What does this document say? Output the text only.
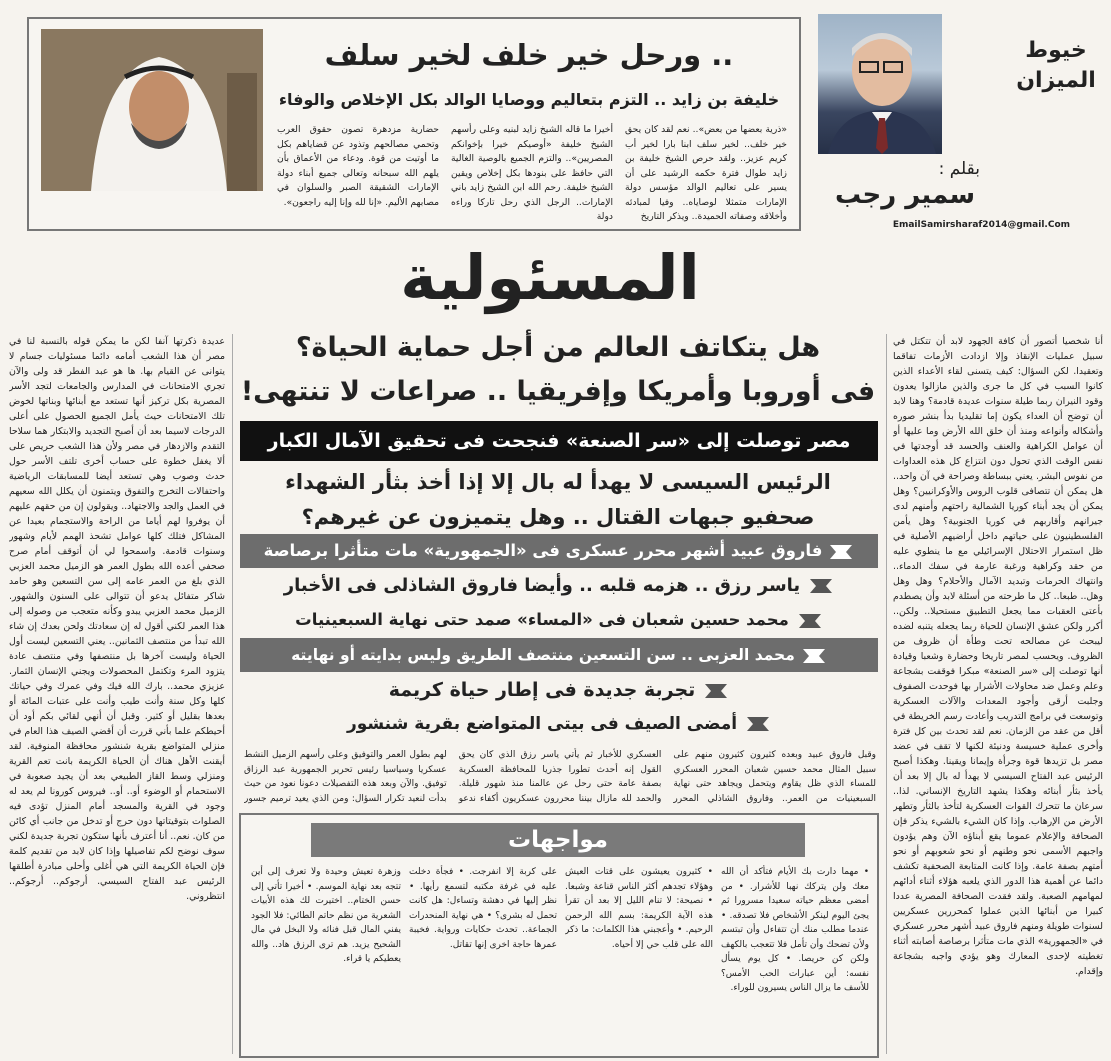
خيوط
الميزان
بقلم :
سمير رجب
EmailSamirsharaf2014@gmail.Com
.. ورحل خير خلف لخير سلف
خليفة بن زايد .. التزم بتعاليم ووصايا الوالد بكل الإخلاص والوفاء
«ذرية بعضها من بعض».. نعم لقد كان يحق خير خلف.. لخير سلف ابنا بارا لخير أب كريم عزيز.. ولقد حرص الشيخ خليفة بن زايد طوال فترة حكمه الرشيد على أن يسير على تعاليم الوالد مؤسس دولة الإمارات متمثلا لوصاياه.. وفيا لمبادئه وأخلاقه وصفاته الحميدة.. ويذكر التاريخ
أخيرا ما قاله الشيخ زايد لبنيه وعلى رأسهم الشيخ خليفة «أوصيكم خيرا بإخوانكم المصريين».. والتزم الجميع بالوصية الغالية التي حافظ على بنودها بكل إخلاص ويقين الشيخ خليفة. رحم الله ابن الشيخ زايد باني الإمارات.. الرجل الذي رحل تاركا وراءه دولة
حضارية مزدهرة تصون حقوق العرب وتحمي مصالحهم وتذود عن قضاياهم بكل ما أوتيت من قوة. ودعاء من الأعماق بأن يلهم الله سبحانه وتعالى جميع أبناء دولة الإمارات الشقيقة الصبر والسلوان في مصابهم الأليم. «إنا لله وإنا إليه راجعون».
المسئولية
هل يتكاتف العالم من أجل حماية الحياة؟
فى أوروبا وأمريكا وإفريقيا .. صراعات لا تنتهى!
مصر توصلت إلى «سر الصنعة» فنجحت فى تحقيق الآمال الكبار
الرئيس السيسى لا يهدأ له بال إلا إذا أخذ بثأر الشهداء
صحفيو جبهات القتال .. وهل يتميزون عن غيرهم؟
فاروق عبيد أشهر محرر عسكرى فى «الجمهورية» مات متأثرا برصاصة
ياسر رزق .. هزمه قلبه .. وأيضا فاروق الشاذلى فى الأخبار
محمد حسين شعبان فى «المساء» صمد حتى نهاية السبعينيات
محمد العزبى .. سن التسعين منتصف الطريق وليس بدايته أو نهايته
تجربة جديدة فى إطار حياة كريمة
أمضى الصيف فى بيتى المتواضع بقرية شنشور
أنا شخصيا أتصور أن كافة الجهود لابد أن تتكتل في سبيل عمليات الإنقاذ وإلا ازدادت الأزمات تفاقما وتعقيدا. لكن السؤال: كيف يتسنى لقاء الأعداء الذين كانوا السبب في كل ما جرى والذين مازالوا يعدون وقود النيران ربما طيلة سنوات عديدة قادمة؟ وهنا لابد أن توضح أن العداء يكون إما تقليديا بدأ بنشر صوره وأشكاله وأنواعه ومنذ أن خلق الله الأرض وما عليها أو أن عوامل الكراهية والعنف والحسد قد أوجدتها في نفس الوقت الذي تحول دون انتزاع كل هذه العداوات من نفوس البشر. يعني ببساطة وصراحة في آن واحد.. هل يمكن أن تتصافى قلوب الروس والأوكرانيين؟ وهل يمكن أن يجد أبناء كوريا الشمالية راحتهم وأمنهم لدى جيرانهم وأقاربهم في كوريا الجنوبية؟ وهل يأمن الفلسطينيون على حياتهم داخل أراضيهم الأصلية في ظل استمرار الاحتلال الإسرائيلي مع ما ينطوي عليه من حقد وكراهية ورغبة عارمة في سفك الدماء.. وانتهاك الحرمات وتبديد الآمال والأحلام؟ وهل وهل وهل.. طبعا.. كل ما طرحته من أسئلة لابد وأن يصطدم بأعتى العقبات مما يجعل التطبيق مستحيلا.. ولكن.. أكرر ولكن عشق الإنسان للحياة ربما يجعله يتنبه لضده ليبحث عن مصالحه تحت وطأة أن ظروف من الظروف. ويحسب لمصر تاريخا وحضارة وشعبا وقيادة أنها توصلت إلى «سر الصنعة» مبكرا فوقفت بشجاعة وعلم وعمل ضد محاولات الأشرار بها فوحدت الصفوف وجلبت أرقى وأجود المعدات والآلات العسكرية وتوسعت في برامج التدريب وأعادت رسم الخريطة في أقل من عقد من الزمان. نعم لقد تحدث بين كل فترة وأخرى عملية خسيسة ودنيئة لكنها لا تقف في عضد مصر بل تزيدها قوة وجرأة وإيمانا ويقينا. وهكذا أصبح الرئيس عبد الفتاح السيسي لا يهدأ له بال إلا بعد أن يأخذ بثأر أبنائه وهكذا يشهد التاريخ الإنساني. لذا.. سرعان ما تتحرك القوات العسكرية لتأخذ بالثأر وتطهر الأرض من الإرهاب. وإذا كان الشيء بالشيء يذكر فإن الصحافة والإعلام عموما يقع أبناؤه الآن وهم يؤدون واجبهم الأسمى نحو وطنهم أو نحو شعوبهم أو نحو أمتهم بصفة عامة. وإذا كانت المتابعة الصحفية تكشف دائما عن أهمية هذا الدور الذي يلعبه هؤلاء أثناء أدائهم لمهامهم الصعبة. ولقد فقدت الصحافة المصرية عددا كبيرا من أبنائها الذين عملوا كمحررين عسكريين لسنوات طويلة ومنهم فاروق عبيد أشهر محرر عسكري في «الجمهورية» الذي مات متأثرا برصاصة أصابته أثناء تغطيته لإحدى المعارك وهو يؤدي واجبه بشجاعة وإقدام.
عديدة ذكرتها آنفا لكن ما يمكن قوله بالنسبة لنا في مصر أن هذا الشعب أمامه دائما مسئوليات جسام لا يتوانى عن القيام بها. ها هو عبد الفطر قد ولى والآن تجري الامتحانات في المدارس والجامعات لتجد الأسر المصرية بكل تركيز أنها تستعد مع أبنائها وبناتها لخوض تلك الامتحانات حيث يأمل الجميع الحصول على أعلى الدرجات لاسيما بعد أن أصبح التجديد والابتكار هما سلاحا التقدم والازدهار في مصر ولأن هذا الشعب حريص على ألا يغفل خطوة على حساب أخرى تلتف الأسر حول حدث وصوب وهي تستعد أيضا للمسابقات الرياضية واحتفالات التخرج والتفوق ويتمنون أن يكلل الله سعيهم في العمل والجد والاجتهاد.. ويقولون إن من حقهم عليهم أن يوفروا لهم أياما من الراحة والاستجمام بعيدا عن المشاكل فتلك كلها عوامل تشحذ الهمم لأيام وشهور وسنوات قادمة. واسمحوا لي أن أتوقف أمام صرح صحفي أعده الله بطول العمر هو الزميل محمد العزبي الذي بلغ من العمر عامه إلى سن التسعين وهو حامد شاكر متفائل يدعو أن تتوالى على السنون والشهور. الزميل محمد العزبي يبدو وكأنه متعجب من وصوله إلى هذا العمر لكني أقول له إن سعادتك ولحن بعدك إن شاء الله تبدأ من منتصف الثمانين.. يعني التسعين ليست أول الحياة وليست آخرها بل منتصفها وفي منتصف عادة يتزود المرء وتكتمل المحصولات ويجني الإنسان الثمار. عزيزي محمد.. بارك الله فيك وفي عمرك وفي حياتك كلها وكل سنة وأنت طيب وأنت على عتبات المائة أو بعدها بقليل أو كثير. وقبل أن أنهي لقائي بكم أود أن أحيطكم علما بأني قررت أن أقضي الصيف هذا العام في منزلي المتواضع بقرية شنشور محافظة المنوفية. لقد أيقنت الأهل هناك أن الحياة الكريمة بانت تعم القرية ومنزلي وسط القاز الطبيعي بعد أن يجيد صعوبة في الاستحمام أو الوضوء أو.. أو.. فيروس كورونا لم يعد له وجود في القرية والمسجد أمام المنزل تؤدى فيه الصلوات بتوقيتاتها دون حرج أو تدخل من جانب أي كائن من كان. نعم.. أنا أعترف بأنها ستكون تجربة جديدة لكني سوف نوضح لكم تفاصيلها وإذا كان لابد من تقديم كلمة فإن الحياة الكريمة التي هي أغلى وأحلى مبادرة أطلقها الرئيس عبد الفتاح السيسي. أرجوكم.. أرجوكم.. انتظروني.
وقبل فاروق عبيد وبعده كثيرون كثيرون منهم على سبيل المثال محمد حسين شعبان المحرر العسكري للمساء الذي ظل يقاوم ويتحمل ويجاهد حتى نهاية السبعينيات من العمر.. وفاروق الشاذلي المحرر العسكري للأخبار ثم يأتي ياسر رزق الذي كان يحق القول إنه أحدث تطورا جذريا للمحافظة العسكرية بصفة عامة حتى رحل عن عالمنا منذ شهور قليلة. والحمد لله مازال بيننا محررون عسكريون أكفاء ندعو لهم بطول العمر والتوفيق وعلى رأسهم الزميل النشط عسكريا وسياسيا رئيس تحرير الجمهورية عبد الرزاق توفيق. والآن وبعد هذه التفصيلات دعونا نعود من حيث بدأت لنعيد تكرار السؤال: ومن الذي يعيد ترميم جسور
مواجهات
• مهما دارت بك الأيام فتأكد أن الله معك ولن يتركك نهبا للأشرار. • من أمضى معظم حياته سعيدا مسرورا ثم يجئ اليوم لينكر الأشخاص فلا تصدقه. • عندما مطلب منك أن تتفاءل وأن تبتسم ولأن تضحك وأن تأمل فلا تتعجب بالكهف ولكن كن حريصا. • كل يوم يسأل نفسه: أين عبارات الحب الأمس؟ للأسف ما يزال الناس يسيرون للوراء.
• كثيرون يعيشون على قتات العيش وهؤلاء تجدهم أكثر الناس قناعة وشبعا. • نصيحة: لا تنام الليل إلا بعد أن تقرأ هذه الآية الكريمة: بسم الله الرحمن الرحيم. • وأعجبني هذا الكلمات: ما ذكر الله على قلب حي إلا أحياه.
على كربة إلا انفرجت. • فجأة دخلت عليه في غرفة مكتبه لتسمع رأيها. • نظر إليها في دهشة وتساءل: هل كانت تحمل له بشرى؟ • هي نهاية المنحدرات الجماعة.. تحدث حكايات ورواية. فخيبة عمرها حاجة اخرى إنها تقاتل.
وزهرة تعيش وحيدة ولا تعرف إلى أين تتجه بعد نهاية الموسم. • أخيرا تأتي إلى حسن الختام.. اختيرت لك هذه الأبيات الشعرية من نظم حاتم الطائي: فلا الجود يفني المال قبل فنائه ولا البخل في مال الشحيح يزيد. هم ترى الرزق هاد.. والله يعطيكم يا قراء.
